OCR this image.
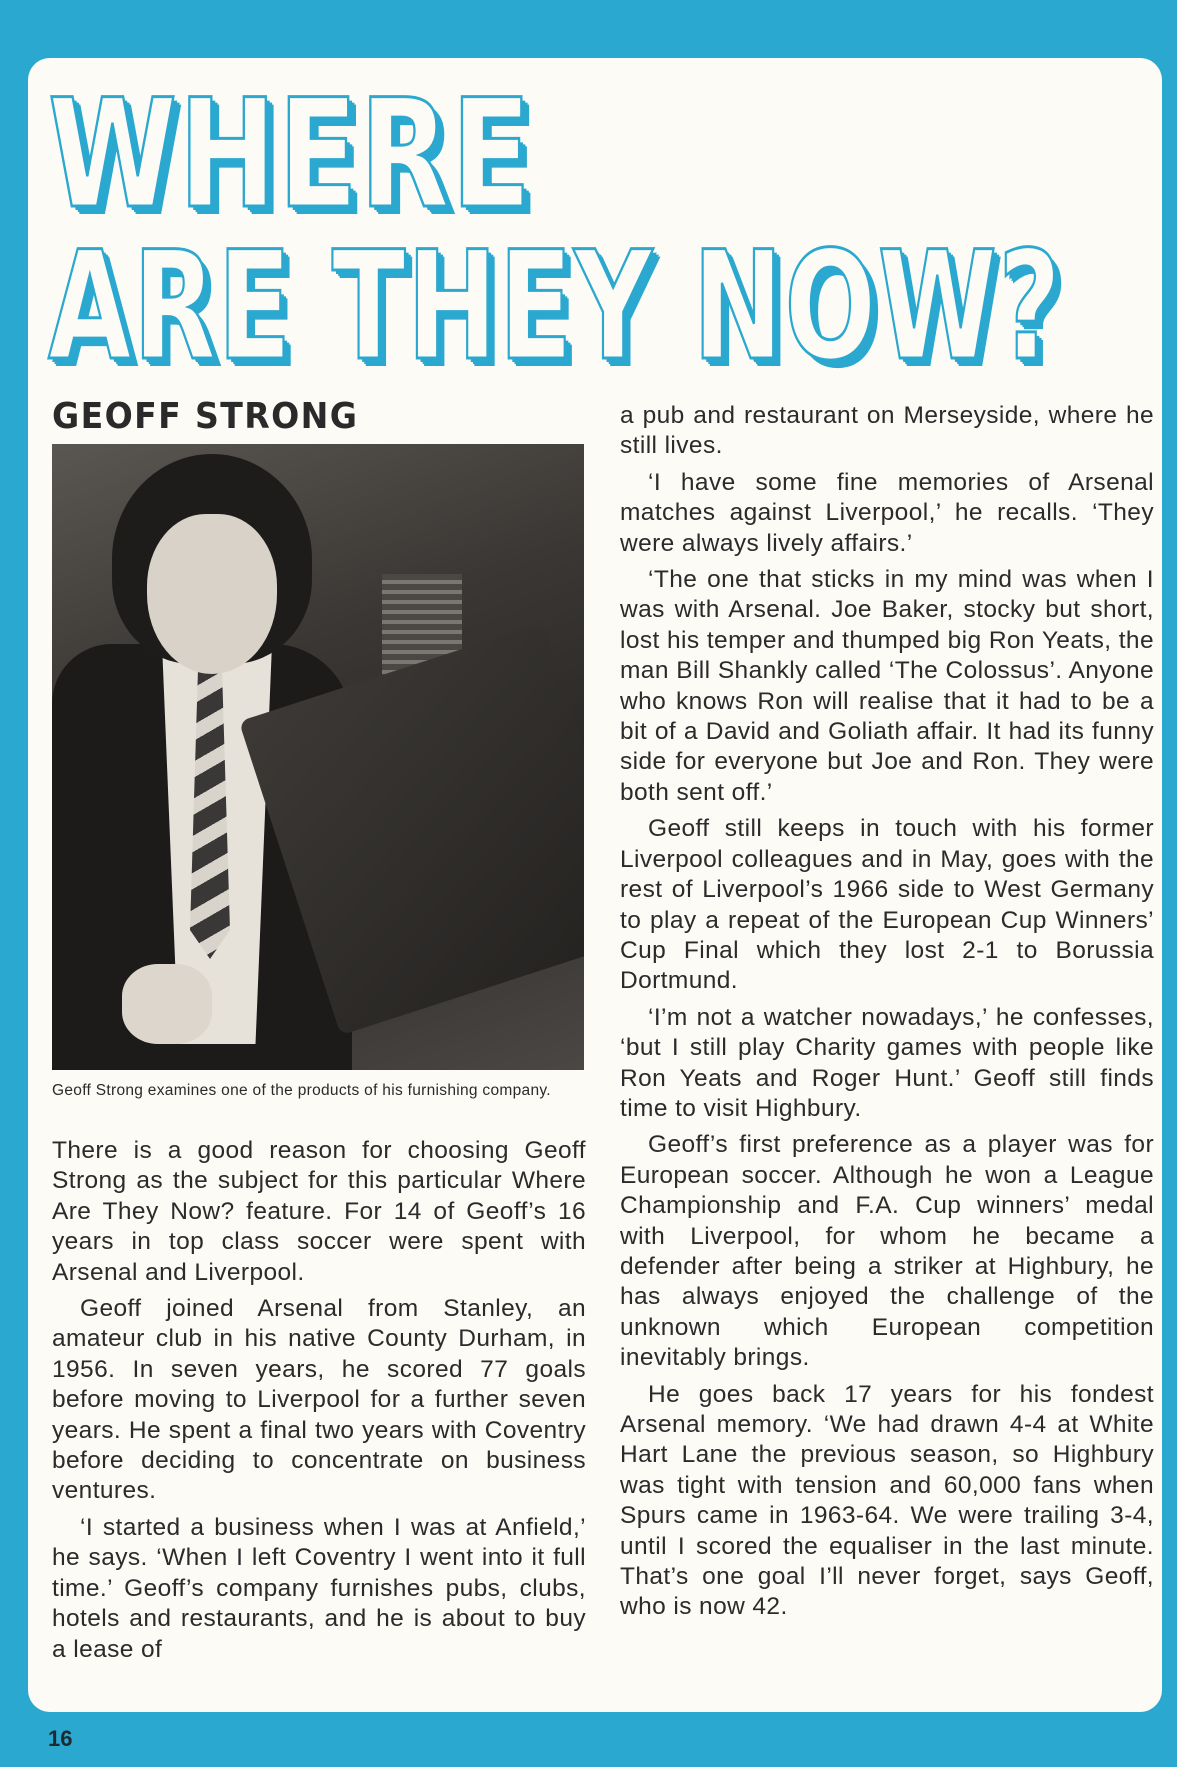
WHERE
ARE THEY NOW?
GEOFF STRONG
Geoff Strong examines one of the products of his furnishing company.

There is a good reason for choosing Geoff Strong as the subject for this particular Where Are They Now? feature. For 14 of Geoff’s 16 years in top class soccer were spent with Arsenal and Liverpool.

Geoff joined Arsenal from Stanley, an amateur club in his native County Durham, in 1956. In seven years, he scored 77 goals before moving to Liverpool for a further seven years. He spent a final two years with Coventry before deciding to concentrate on business ventures.

‘I started a business when I was at Anfield,’ he says. ‘When I left Coventry I went into it full time.’ Geoff’s company furnishes pubs, clubs, hotels and restaurants, and he is about to buy a lease of

a pub and restaurant on Merseyside, where he still lives.

‘I have some fine memories of Arsenal matches against Liverpool,’ he recalls. ‘They were always lively affairs.’

‘The one that sticks in my mind was when I was with Arsenal. Joe Baker, stocky but short, lost his temper and thumped big Ron Yeats, the man Bill Shankly called ‘The Colossus’. Anyone who knows Ron will realise that it had to be a bit of a David and Goliath affair. It had its funny side for everyone but Joe and Ron. They were both sent off.’

Geoff still keeps in touch with his former Liverpool colleagues and in May, goes with the rest of Liverpool’s 1966 side to West Germany to play a repeat of the European Cup Winners’ Cup Final which they lost 2-1 to Borussia Dortmund.

‘I’m not a watcher nowadays,’ he confesses, ‘but I still play Charity games with people like Ron Yeats and Roger Hunt.’ Geoff still finds time to visit Highbury.

Geoff’s first preference as a player was for European soccer. Although he won a League Championship and F.A. Cup winners’ medal with Liverpool, for whom he became a defender after being a striker at Highbury, he has always enjoyed the challenge of the unknown which European competition inevitably brings.

He goes back 17 years for his fondest Arsenal memory. ‘We had drawn 4-4 at White Hart Lane the previous season, so Highbury was tight with tension and 60,000 fans when Spurs came in 1963-64. We were trailing 3-4, until I scored the equaliser in the last minute. That’s one goal I’ll never forget, says Geoff, who is now 42.

16
